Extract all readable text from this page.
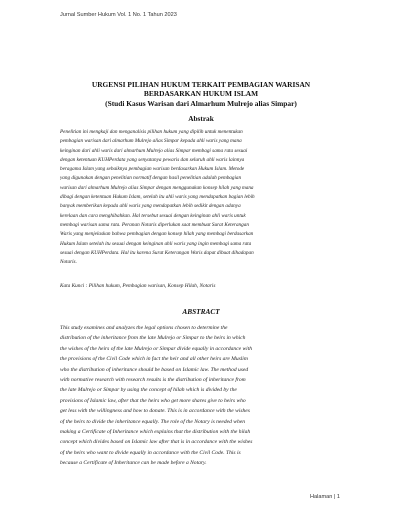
Jurnal Sumber Hukum Vol. 1 No. 1 Tahun 2023
URGENSI PILIHAN HUKUM TERKAIT PEMBAGIAN WARISAN
BERDASARKAN HUKUM ISLAM
(Studi Kasus Warisan dari Almarhum Mulrejo alias Simpar)
Abstrak
Penelitian ini mengkaji dan menganalisis pilihan hukum yang dipilih untuk menentukan
pembagian warisan dari almarhum Mulrejo alias Simpar kepada ahli waris yang mana
keinginan dari ahli waris dari almarhum Mulrejo alias Simpar membagi sama rata sesuai
dengan ketentuan KUHPerdata yang senyatanya pewaris dan seluruh ahli waris lainnya
beragama Islam yang sebaiknya pembagian warisan berdasarkan Hukum Islam. Metode
yang digunakan dengan penelitian normatif dengan hasil penelitian adalah pembagian
warisan dari almarhum Mulrejo alias Simpar dengan menggunakan konsep hilah yang mana
dibagi dengan ketentuan Hukum Islam, setelah itu ahli waris yang mendapatkan bagian lebih
banyak memberikan kepada ahli waris yang mendapatkan lebih sedikit dengan adanya
kerelaan dan cara menghibahkan. Hal tersebut sesuai dengan keinginan ahli waris untuk
membagi warisan sama rata. Peranan Notaris diperlukan saat membuat Surat Keterangan
Waris yang menjelaskan bahwa pembagian dengan konsep hilah yang membagi berdasarkan
Hukum Islam setelah itu sesuai dengan keinginan ahli waris yang ingin membagi sama rata
sesuai dengan KUHPerdata. Hal itu karena Surat Keterangan Waris dapat dibuat dihadapan
Notaris.
Kata Kunci : Pilihan hukum, Pembagian warisan, Konsep Hilah, Notaris
ABSTRACT
This study examines and analyzes the legal options chosen to determine the
distribution of the inheritance from the late Mulrejo or Simpar to the heirs in which
the wishes of the heirs of the late Mulrejo or Simpar divide equally in accordance with
the provisions of the Civil Code which in fact the heir and all other heirs are Muslim
who the distribution of inheritance should be based on Islamic law. The method used
with normative research with research results is the distribution of inheritance from
the late Mulrejo or Simpar by using the concept of hilah which is divided by the
provisions of Islamic law, after that the heirs who get more shares give to heirs who
get less with the willingness and how to donate. This is in accordance with the wishes
of the heirs to divide the inheritance equally. The role of the Notary is needed when
making a Certificate of Inheritance which explains that the distribution with the hilah
concept which divides based on Islamic law after that is in accordance with the wishes
of the heirs who want to divide equally in accordance with the Civil Code. This is
because a Certificate of Inheritance can be made before a Notary.
Halaman | 1
